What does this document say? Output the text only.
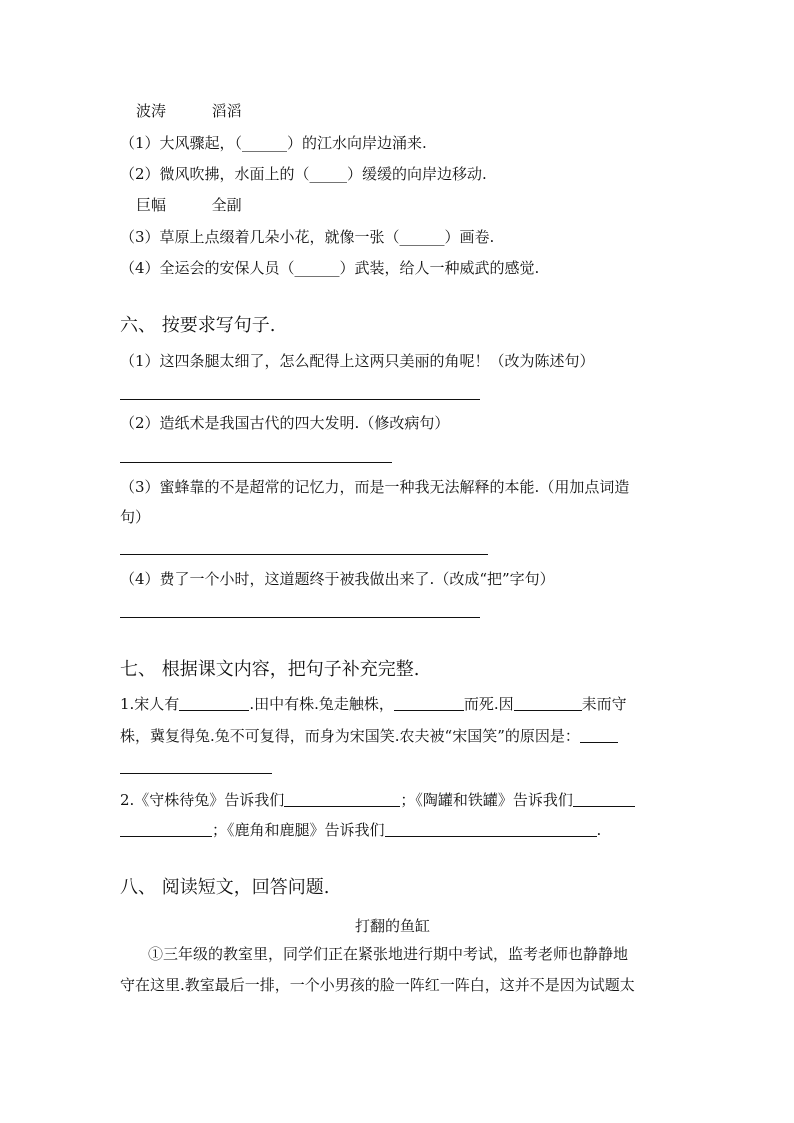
波涛	滔滔
（1）大风骤起，（______）的江水向岸边涌来.
（2）微风吹拂，水面上的（_____）缓缓的向岸边移动.
巨幅	全副
（3）草原上点缀着几朵小花，就像一张（______）画卷.
（4）全运会的安保人员（______）武装，给人一种威武的感觉.
六、 按要求写句子.
（1）这四条腿太细了，怎么配得上这两只美丽的角呢！（改为陈述句）
（2）造纸术是我国古代的四大发明.（修改病句）
（3）蜜蜂靠的不是超常的记忆力，而是一种我无法解释的本能.（用加点词造
句）
（4）费了一个小时，这道题终于被我做出来了.（改成“把”字句）
七、 根据课文内容，把句子补充完整.
1.宋人有	.田中有株.兔走触株，	而死.因	耒而守
株，冀复得兔.兔不可复得，而身为宋国笑.农夫被“宋国笑”的原因是：
2.《守株待兔》告诉我们	；《陶罐和铁罐》告诉我们
；《鹿角和鹿腿》告诉我们	.
八、 阅读短文，回答问题.
打翻的鱼缸
①三年级的教室里，同学们正在紧张地进行期中考试，监考老师也静静地
守在这里.教室最后一排，一个小男孩的脸一阵红一阵白，这并不是因为试题太
